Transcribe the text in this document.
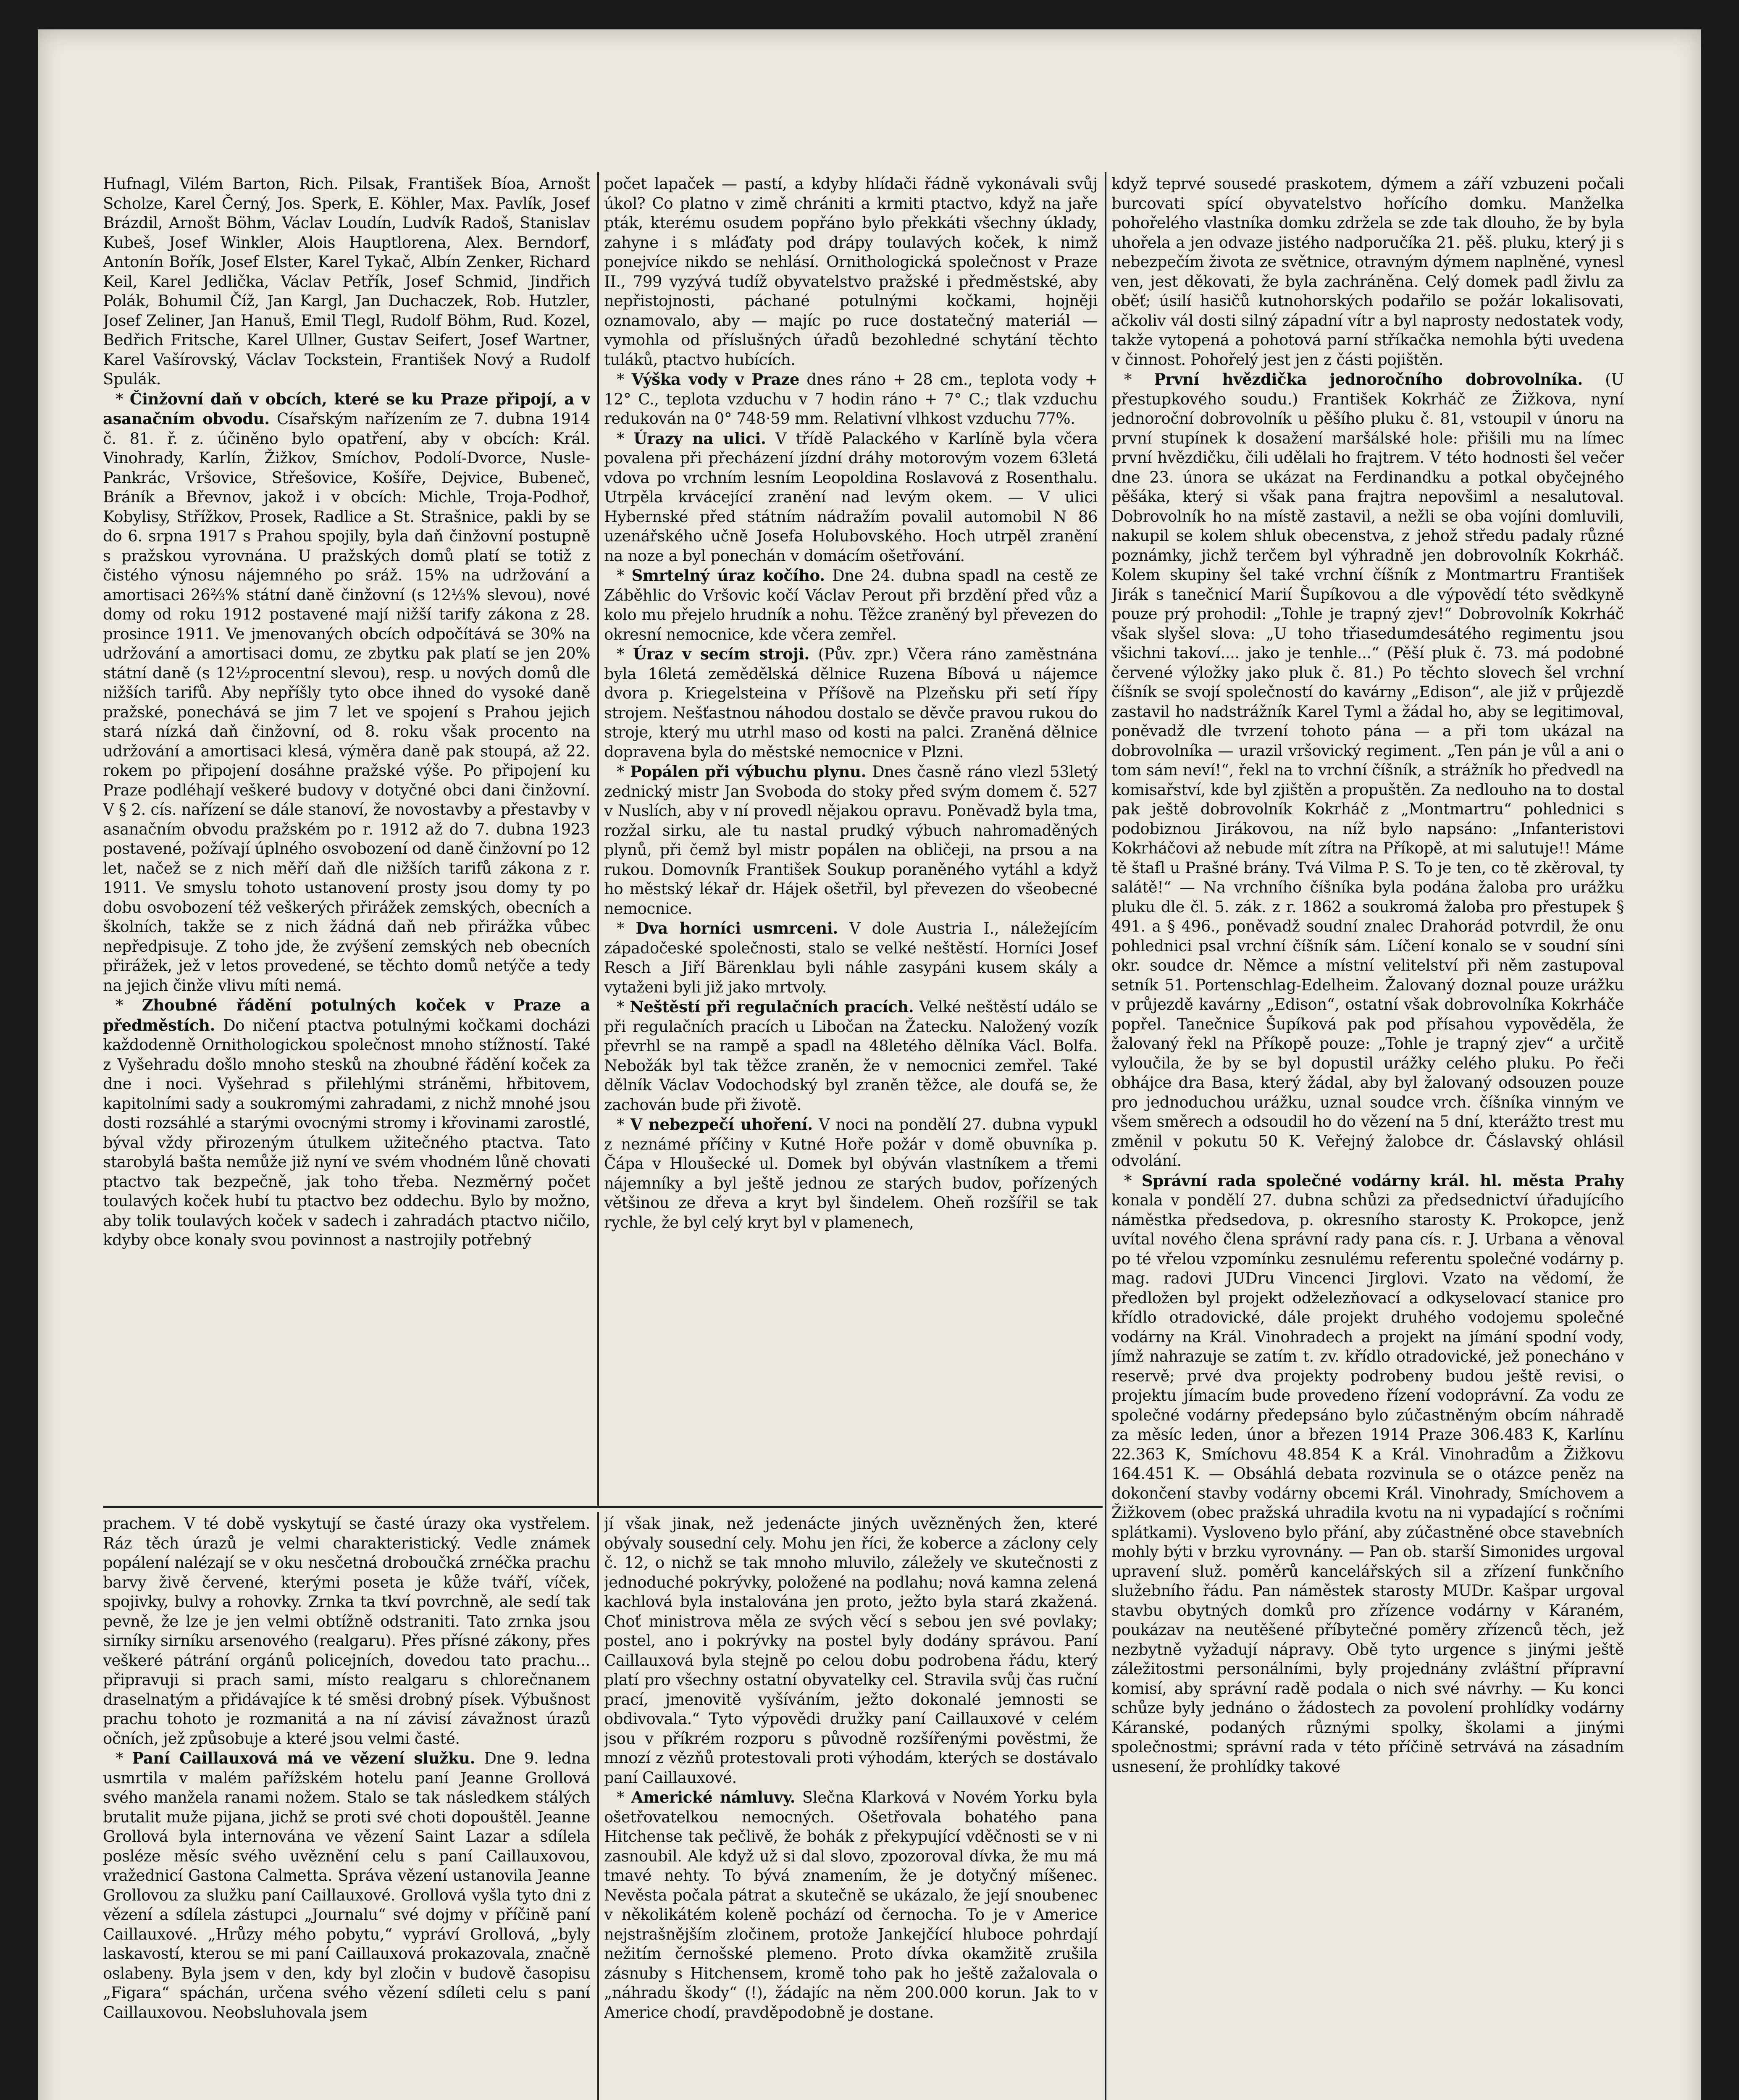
Hufnagl, Vilém Barton, Rich. Pilsak, František Bíoa, Arnošt Scholze, Karel Černý, Jos. Sperk, E. Köhler, Max. Pavlík, Josef Brázdil, Arnošt Böhm, Václav Loudín, Ludvík Radoš, Stanislav Kubeš, Josef Winkler, Alois Hauptlorena, Alex. Berndorf, Antonín Bořík, Josef Elster, Karel Tykač, Albín Zenker, Richard Keil, Karel Jedlička, Václav Petřík, Josef Schmid, Jindřich Polák, Bohumil Číž, Jan Kargl, Jan Duchaczek, Rob. Hutzler, Josef Zeliner, Jan Hanuš, Emil Tlegl, Rudolf Böhm, Rud. Kozel, Bedřich Fritsche, Karel Ullner, Gustav Seifert, Josef Wartner, Karel Vašírovský, Václav Tockstein, František Nový a Rudolf Spulák.

* Činžovní daň v obcích, které se ku Praze připojí, a v asanačním obvodu. Císařským nařízením ze 7. dubna 1914 č. 81. ř. z. účiněno bylo opatření, aby v obcích: Král. Vinohrady, Karlín, Žižkov, Smíchov, Podolí-Dvorce, Nusle-Pankrác, Vršovice, Střešovice, Košíře, Dejvice, Bubeneč, Bráník a Břevnov, jakož i v obcích: Michle, Troja-Podhoř, Kobylisy, Střížkov, Prosek, Radlice a St. Strašnice, pakli by se do 6. srpna 1917 s Prahou spojily, byla daň činžovní postupně s pražskou vyrovnána. U pražských domů platí se totiž z čistého výnosu nájemného po sráž. 15% na udržování a amortisaci 26⅔% státní daně činžovní (s 12⅓% slevou), nové domy od roku 1912 postavené mají nižší tarify zákona z 28. prosince 1911. Ve jmenovaných obcích odpočítává se 30% na udržování a amortisaci domu, ze zbytku pak platí se jen 20% státní daně (s 12½procentní slevou), resp. u nových domů dle nižších tarifů. Aby nepříšly tyto obce ihned do vysoké daně pražské, ponechává se jim 7 let ve spojení s Prahou jejich stará nízká daň činžovní, od 8. roku však procento na udržování a amortisaci klesá, výměra daně pak stoupá, až 22. rokem po připojení dosáhne pražské výše. Po připojení ku Praze podléhají veškeré budovy v dotyčné obci dani činžovní. V § 2. cís. nařízení se dále stanoví, že novostavby a přestavby v asanačním obvodu pražském po r. 1912 až do 7. dubna 1923 postavené, požívají úplného osvobození od daně činžovní po 12 let, načež se z nich měří daň dle nižších tarifů zákona z r. 1911. Ve smyslu tohoto ustanovení prosty jsou domy ty po dobu osvobození též veškerých přirážek zemských, obecních a školních, takže se z nich žádná daň neb přirážka vůbec nepředpisuje. Z toho jde, že zvýšení zemských neb obecních přirážek, jež v letos provedené, se těchto domů netýče a tedy na jejich činže vlivu míti nemá.

* Zhoubné řádění potulných koček v Praze a předměstích. Do ničení ptactva potulnými kočkami docházi každodenně Ornithologickou společnost mnoho stížností. Také z Vyšehradu došlo mnoho stesků na zhoubné řádění koček za dne i noci. Vyšehrad s přilehlými stráněmi, hřbitovem, kapitolními sady a soukromými zahradami, z nichž mnohé jsou dosti rozsáhlé a starými ovocnými stromy i křovinami zarostlé, býval vždy přirozeným útulkem užitečného ptactva. Tato starobylá bašta nemůže již nyní ve svém vhodném lůně chovati ptactvo tak bezpečně, jak toho třeba. Nezměrný počet toulavých koček hubí tu ptactvo bez oddechu. Bylo by možno, aby tolik toulavých koček v sadech i zahradách ptactvo ničilo, kdyby obce konaly svou povinnost a nastrojily potřebný

počet lapaček — pastí, a kdyby hlídači řádně vykonávali svůj úkol? Co platno v zimě chrániti a krmiti ptactvo, když na jaře pták, kterému osudem popřáno bylo překkáti všechny úklady, zahyne i s mláďaty pod drápy toulavých koček, k nimž ponejvíce nikdo se nehlásí. Ornithologická společnost v Praze II., 799 vyzývá tudíž obyvatelstvo pražské i předměstské, aby nepřistojnosti, páchané potulnými kočkami, hojněji oznamovalo, aby — majíc po ruce dostatečný materiál — vymohla od příslušných úřadů bezohledné schytání těchto tuláků, ptactvo hubících.

* Výška vody v Praze dnes ráno + 28 cm., teplota vody + 12° C., teplota vzduchu v 7 hodin ráno + 7° C.; tlak vzduchu redukován na 0° 748·59 mm. Relativní vlhkost vzduchu 77%.

* Úrazy na ulici. V třídě Palackého v Karlíně byla včera povalena při přecházení jízdní dráhy motorovým vozem 63letá vdova po vrchním lesním Leopoldina Roslavová z Rosenthalu. Utrpěla krvácející zranění nad levým okem. — V ulici Hybernské před státním nádražím povalil automobil N 86 uzenářského učně Josefa Holubovského. Hoch utrpěl zranění na noze a byl ponechán v domácím ošetřování.

* Smrtelný úraz kočího. Dne 24. dubna spadl na cestě ze Záběhlic do Vršovic kočí Václav Perout při brzdění před vůz a kolo mu přejelo hrudník a nohu. Těžce zraněný byl převezen do okresní nemocnice, kde včera zemřel.

* Úraz v secím stroji. (Pův. zpr.) Včera ráno zaměstnána byla 16letá zemědělská dělnice Ruzena Bíbová u nájemce dvora p. Kriegelsteina v Příšově na Plzeňsku při setí řípy strojem. Nešťastnou náhodou dostalo se děvče pravou rukou do stroje, který mu utrhl maso od kosti na palci. Zraněná dělnice dopravena byla do městské nemocnice v Plzni.

* Popálen při výbuchu plynu. Dnes časně ráno vlezl 53letý zednický mistr Jan Svoboda do stoky před svým domem č. 527 v Nuslích, aby v ní provedl nějakou opravu. Poněvadž byla tma, rozžal sirku, ale tu nastal prudký výbuch nahromaděných plynů, při čemž byl mistr popálen na obličeji, na prsou a na rukou. Domovník František Soukup poraněného vytáhl a když ho městský lékař dr. Hájek ošetřil, byl převezen do všeobecné nemocnice.

* Dva horníci usmrceni. V dole Austria I., náležejícím západočeské společnosti, stalo se velké neštěstí. Horníci Josef Resch a Jiří Bärenklau byli náhle zasypáni kusem skály a vytaženi byli již jako mrtvoly.

* Neštěstí při regulačních pracích. Velké neštěstí událo se při regulačních pracích u Libočan na Žatecku. Naložený vozík převrhl se na rampě a spadl na 48letého dělníka Václ. Bolfa. Nebožák byl tak těžce zraněn, že v nemocnici zemřel. Také dělník Václav Vodochodský byl zraněn těžce, ale doufá se, že zachován bude při životě.

* V nebezpečí uhoření. V noci na pondělí 27. dubna vypukl z neznámé příčiny v Kutné Hoře požár v domě obuvníka p. Čápa v Hloušecké ul. Domek byl obýván vlastníkem a třemi nájemníky a byl ještě jednou ze starých budov, pořízených většinou ze dřeva a kryt byl šindelem. Oheň rozšířil se tak rychle, že byl celý kryt byl v plamenech,

když teprvé sousedé praskotem, dýmem a září vzbuzeni počali burcovati spící obyvatelstvo hořícího domku. Manželka pohořelého vlastníka domku zdržela se zde tak dlouho, že by byla uhořela a jen odvaze jistého nadporučíka 21. pěš. pluku, který ji s nebezpečím života ze světnice, otravným dýmem naplněné, vynesl ven, jest děkovati, že byla zachráněna. Celý domek padl živlu za oběť; úsilí hasičů kutnohorských podařilo se požár lokalisovati, ačkoliv vál dosti silný západní vítr a byl naprosty nedostatek vody, takže vytopená a pohotová parní stříkačka nemohla býti uvedena v činnost. Pohořelý jest jen z části pojištěn.

* První hvězdička jednoročního dobrovolníka. (U přestupkového soudu.) František Kokrháč ze Žižkova, nyní jednoroční dobrovolník u pěšího pluku č. 81, vstoupil v únoru na první stupínek k dosažení maršálské hole: přišili mu na límec první hvězdičku, čili udělali ho frajtrem. V této hodnosti šel večer dne 23. února se ukázat na Ferdinandku a potkal obyčejného pěšáka, který si však pana frajtra nepovšiml a nesalutoval. Dobrovolník ho na místě zastavil, a nežli se oba vojíni domluvili, nakupil se kolem shluk obecenstva, z jehož středu padaly různé poznámky, jichž terčem byl výhradně jen dobrovolník Kokrháč. Kolem skupiny šel také vrchní číšník z Montmartru František Jirák s tanečnicí Marií Šupíkovou a dle výpovědí této svědkyně pouze prý prohodil: „Tohle je trapný zjev!“ Dobrovolník Kokrháč však slyšel slova: „U toho třiasedumdesátého regimentu jsou všichni takoví.... jako je tenhle...“ (Pěší pluk č. 73. má podobné červené výložky jako pluk č. 81.) Po těchto slovech šel vrchní číšník se svojí společností do kavárny „Edison“, ale již v průjezdě zastavil ho nadstrážník Karel Tyml a žádal ho, aby se legitimoval, poněvadž dle tvrzení tohoto pána — a při tom ukázal na dobrovolníka — urazil vršovický regiment. „Ten pán je vůl a ani o tom sám neví!“, řekl na to vrchní číšník, a strážník ho předvedl na komisařství, kde byl zjištěn a propuštěn. Za nedlouho na to dostal pak ještě dobrovolník Kokrháč z „Montmartru“ pohlednici s podobiznou Jirákovou, na níž bylo napsáno: „Infanteristovi Kokrháčovi až nebude mít zítra na Příkopě, at mi salutuje!! Máme tě štafl u Prašné brány. Tvá Vilma P. S. To je ten, co tě zkěroval, ty salátě!“ — Na vrchního číšníka byla podána žaloba pro urážku pluku dle čl. 5. zák. z r. 1862 a soukromá žaloba pro přestupek § 491. a § 496., poněvadž soudní znalec Drahorád potvrdil, že onu pohlednici psal vrchní číšník sám. Líčení konalo se v soudní síni okr. soudce dr. Němce a místní velitelství při něm zastupoval setník 51. Portenschlag-Edelheim. Žalovaný doznal pouze urážku v průjezdě kavárny „Edison“, ostatní však dobrovolníka Kokrháče popřel. Tanečnice Šupíková pak pod přísahou vypověděla, že žalovaný řekl na Příkopě pouze: „Tohle je trapný zjev“ a určitě vyloučila, že by se byl dopustil urážky celého pluku. Po řeči obhájce dra Basa, který žádal, aby byl žalovaný odsouzen pouze pro jednoduchou urážku, uznal soudce vrch. číšníka vinným ve všem směrech a odsoudil ho do vězení na 5 dní, kterážto trest mu změnil v pokutu 50 K. Veřejný žalobce dr. Čáslavský ohlásil odvolání.

* Správní rada společné vodárny král. hl. města Prahy konala v pondělí 27. dubna schůzi za předsednictví úřadujícího náměstka předsedova, p. okresního starosty K. Prokopce, jenž uvítal nového člena správní rady pana cís. r. J. Urbana a věnoval po té vřelou vzpomínku zesnulému referentu společné vodárny p. mag. radovi JUDru Vincenci Jirglovi. Vzato na vědomí, že předložen byl projekt odželezňovací a odkyselovací stanice pro křídlo otradovické, dále projekt druhého vodojemu společné vodárny na Král. Vinohradech a projekt na jímání spodní vody, jímž nahrazuje se zatím t. zv. křídlo otradovické, jež ponecháno v reservě; prvé dva projekty podrobeny budou ještě revisi, o projektu jímacím bude provedeno řízení vodoprávní. Za vodu ze společné vodárny předepsáno bylo zúčastněným obcím náhradě za měsíc leden, únor a březen 1914 Praze 306.483 K, Karlínu 22.363 K, Smíchovu 48.854 K a Král. Vinohradům a Žižkovu 164.451 K. — Obsáhlá debata rozvinula se o otázce peněz na dokončení stavby vodárny obcemi Král. Vinohrady, Smíchovem a Žižkovem (obec pražská uhradila kvotu na ni vypadající s ročními splátkami). Vysloveno bylo přání, aby zúčastněné obce stavebních mohly býti v brzku vyrovnány. — Pan ob. starší Simonides urgoval upravení služ. poměrů kancelářských sil a zřízení funkčního služebního řádu. Pan náměstek starosty MUDr. Kašpar urgoval stavbu obytných domků pro zřízence vodárny v Káraném, poukázav na neutěšené příbytečné poměry zřízenců těch, jež nezbytně vyžadují nápravy. Obě tyto urgence s jinými ještě záležitostmi personálními, byly projednány zvláštní přípravní komisí, aby správní radě podala o nich své návrhy. — Ku konci schůze byly jednáno o žádostech za povolení prohlídky vodárny Káranské, podaných různými spolky, školami a jinými společnostmi; správní rada v této příčině setrvává na zásadním usnesení, že prohlídky takové

prachem. V té době vyskytují se časté úrazy oka vystřelem. Ráz těch úrazů je velmi charakteristický. Vedle známek popálení nalézají se v oku nesčetná droboučká zrnéčka prachu barvy živě červené, kterými poseta je kůže tváří, víček, spojivky, bulvy a rohovky. Zrnka ta tkví povrchně, ale sedí tak pevně, že lze je jen velmi obtížně odstraniti. Tato zrnka jsou sirníky sirníku arsenového (realgaru). Přes přísné zákony, přes veškeré pátrání orgánů policejních, dovedou tato prachu... připravuji si prach sami, místo realgaru s chlorečnanem draselnatým a přidávajíce k té směsi drobný písek. Výbušnost prachu tohoto je rozmanitá a na ní závisí závažnost úrazů očních, jež způsobuje a které jsou velmi časté.

* Paní Caillauxová má ve vězení služku. Dne 9. ledna usmrtila v malém pařížském hotelu paní Jeanne Grollová svého manžela ranami nožem. Stalo se tak následkem stálých brutalit muže pijana, jichž se proti své choti dopouštěl. Jeanne Grollová byla internována ve vězení Saint Lazar a sdílela posléze měsíc svého uvěznění celu s paní Caillauxovou, vražednicí Gastona Calmetta. Správa vězení ustanovila Jeanne Grollovou za služku paní Caillauxové. Grollová vyšla tyto dni z vězení a sdílela zástupci „Journalu“ své dojmy v příčině paní Caillauxové. „Hrůzy mého pobytu,“ vypráví Grollová, „byly laskavostí, kterou se mi paní Caillauxová prokazovala, značně oslabeny. Byla jsem v den, kdy byl zločin v budově časopisu „Figara“ spáchán, určena svého vězení sdíleti celu s paní Caillauxovou. Neobsluhovala jsem

jí však jinak, než jedenácte jiných uvězněných žen, které obývaly sousední cely. Mohu jen říci, že koberce a záclony cely č. 12, o nichž se tak mnoho mluvilo, záležely ve skutečnosti z jednoduché pokrývky, položené na podlahu; nová kamna zelená kachlová byla instalována jen proto, ježto byla stará zkažená. Choť ministrova měla ze svých věcí s sebou jen své povlaky; postel, ano i pokrývky na postel byly dodány správou. Paní Caillauxová byla stejně po celou dobu podrobena řádu, který platí pro všechny ostatní obyvatelky cel. Stravila svůj čas ruční prací, jmenovitě vyšíváním, ježto dokonalé jemnosti se obdivovala.“ Tyto výpovědi družky paní Caillauxové v celém jsou v příkrém rozporu s původně rozšířenými pověstmi, že mnozí z vězňů protestovali proti výhodám, kterých se dostávalo paní Caillauxové.

* Americké námluvy. Slečna Klarková v Novém Yorku byla ošetřovatelkou nemocných. Ošetřovala bohatého pana Hitchense tak pečlivě, že bohák z překypující vděčnosti se v ni zasnoubil. Ale když už si dal slovo, zpozoroval dívka, že mu má tmavé nehty. To bývá znamením, že je dotyčný míšenec. Nevěsta počala pátrat a skutečně se ukázalo, že její snoubenec v několikátém koleně pochází od černocha. To je v Americe nejstrašnějším zločinem, protože Jankejčící hluboce pohrdají nežitím černošské plemeno. Proto dívka okamžitě zrušila zásnuby s Hitchensem, kromě toho pak ho ještě zažalovala o „náhradu škody“ (!), žádajíc na něm 200.000 korun. Jak to v Americe chodí, pravděpodobně je dostane.
